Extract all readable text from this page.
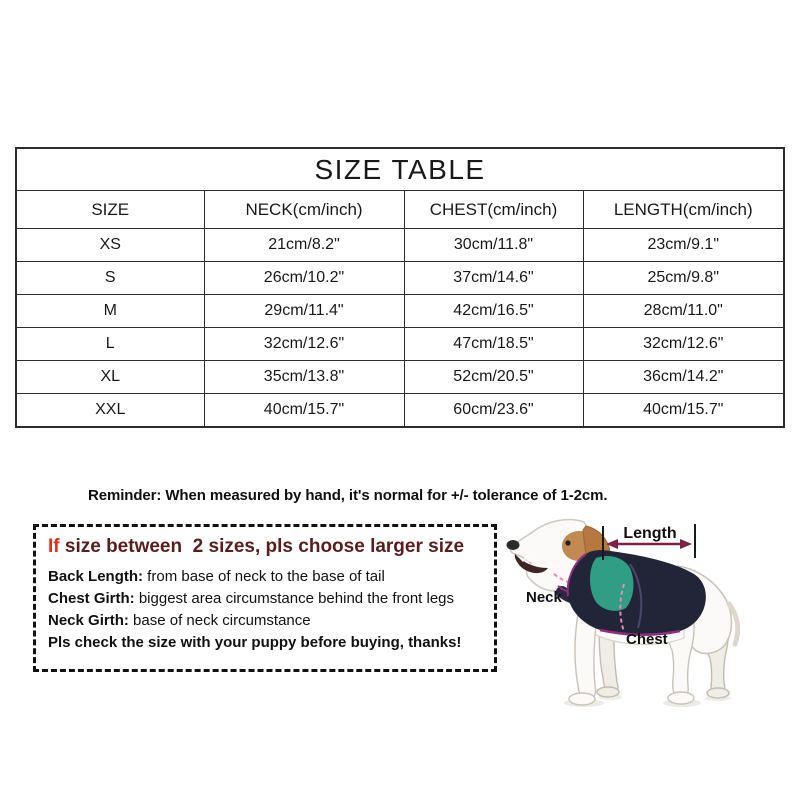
SIZE TABLE			
SIZE	NECK(cm/inch)	CHEST(cm/inch)	LENGTH(cm/inch)
XS	21cm/8.2"	30cm/11.8"	23cm/9.1"
S	26cm/10.2"	37cm/14.6"	25cm/9.8"
M	29cm/11.4"	42cm/16.5"	28cm/11.0"
L	32cm/12.6"	47cm/18.5"	32cm/12.6"
XL	35cm/13.8"	52cm/20.5"	36cm/14.2"
XXL	40cm/15.7"	60cm/23.6"	40cm/15.7"

Reminder: When measured by hand, it's normal for +/- tolerance of 1-2cm.

If size between  2 sizes, pls choose larger size

Back Length: from base of neck to the base of tail

Chest Girth: biggest area circumstance behind the front legs

Neck Girth: base of neck circumstance

Pls check the size with your puppy before buying, thanks!

Length
Neck
Chest
